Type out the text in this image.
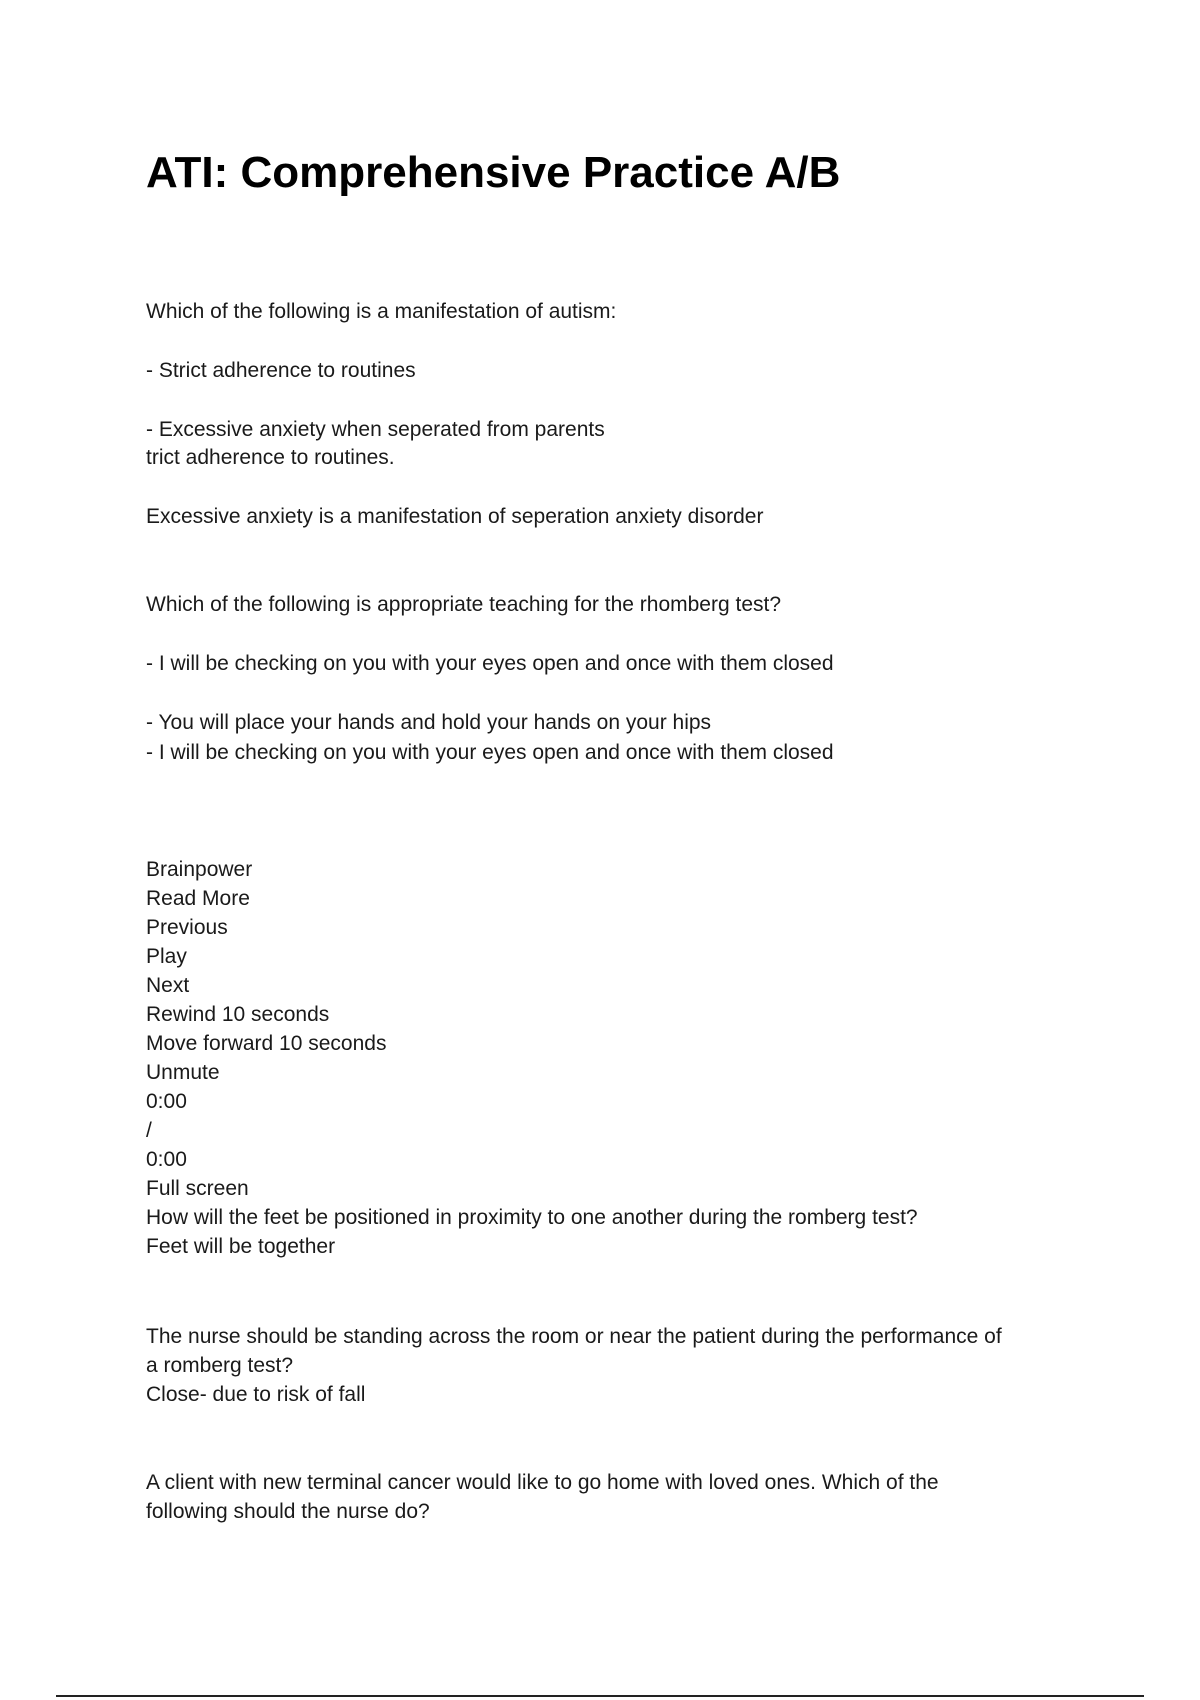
ATI: Comprehensive Practice A/B
Which of the following is a manifestation of autism:
- Strict adherence to routines
- Excessive anxiety when seperated from parents
trict adherence to routines.
Excessive anxiety is a manifestation of seperation anxiety disorder
Which of the following is appropriate teaching for the rhomberg test?
- I will be checking on you with your eyes open and once with them closed
- You will place your hands and hold your hands on your hips
- I will be checking on you with your eyes open and once with them closed
Brainpower
Read More
Previous
Play
Next
Rewind 10 seconds
Move forward 10 seconds
Unmute
0:00
/
0:00
Full screen
How will the feet be positioned in proximity to one another during the romberg test?
Feet will be together
The nurse should be standing across the room or near the patient during the performance of
a romberg test?
Close- due to risk of fall
A client with new terminal cancer would like to go home with loved ones. Which of the
following should the nurse do?
